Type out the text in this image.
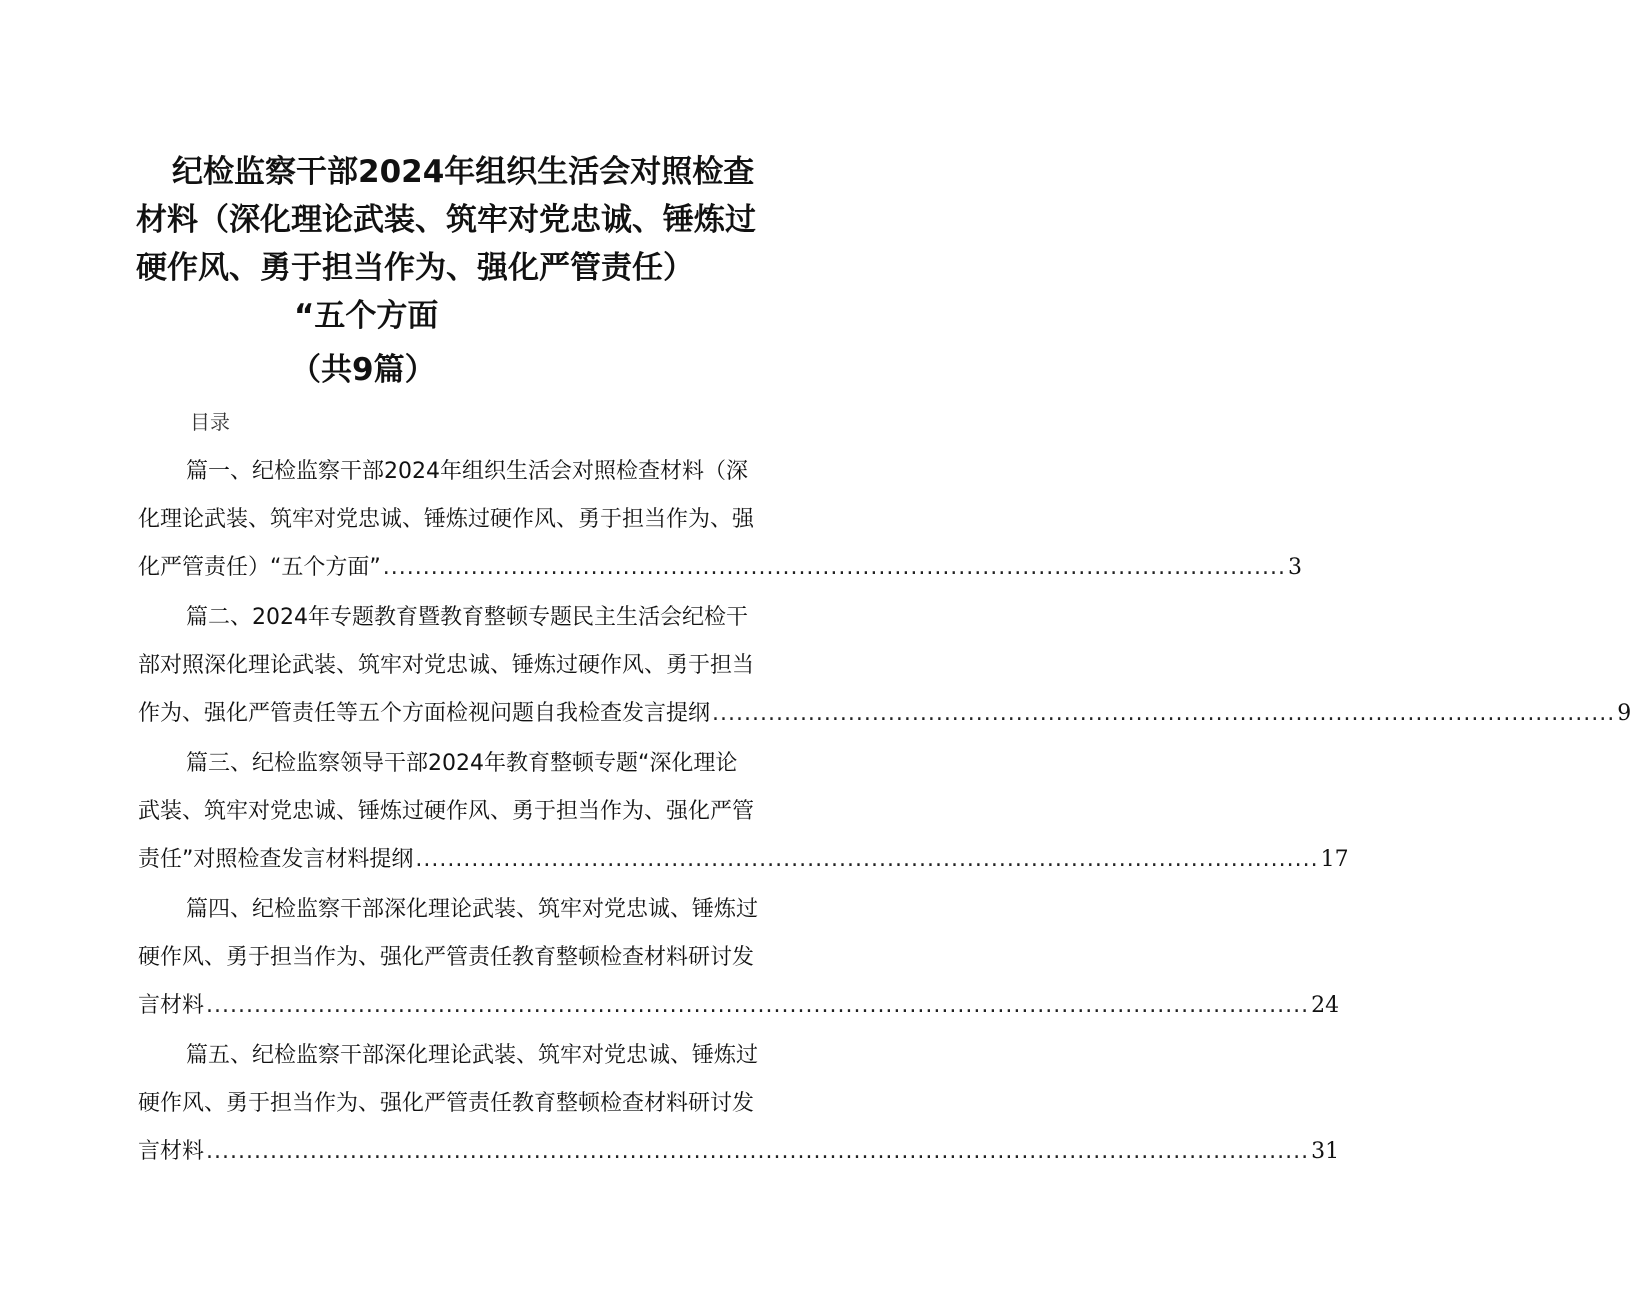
纪检监察干部2024年组织生活会对照检查
材料（深化理论武装、筑牢对党忠诚、锤炼过
硬作风、勇于担当作为、强化严管责任）
“五个方面
（共9篇）
目录
篇一、纪检监察干部2024年组织生活会对照检查材料（深
化理论武装、筑牢对党忠诚、锤炼过硬作风、勇于担当作为、强
化严管责任）“五个方面” ................................................................................................................. 3
篇二、2024年专题教育暨教育整顿专题民主生活会纪检干
部对照深化理论武装、筑牢对党忠诚、锤炼过硬作风、勇于担当
作为、强化严管责任等五个方面检视问题自我检查发言提纲 ................................................................................................................. 9
篇三、纪检监察领导干部2024年教育整顿专题“深化理论
武装、筑牢对党忠诚、锤炼过硬作风、勇于担当作为、强化严管
责任”对照检查发言材料提纲 ................................................................................................................. 17
篇四、纪检监察干部深化理论武装、筑牢对党忠诚、锤炼过
硬作风、勇于担当作为、强化严管责任教育整顿检查材料研讨发
言材料 .......................................................................................................................................... 24
篇五、纪检监察干部深化理论武装、筑牢对党忠诚、锤炼过
硬作风、勇于担当作为、强化严管责任教育整顿检查材料研讨发
言材料 .......................................................................................................................................... 31
